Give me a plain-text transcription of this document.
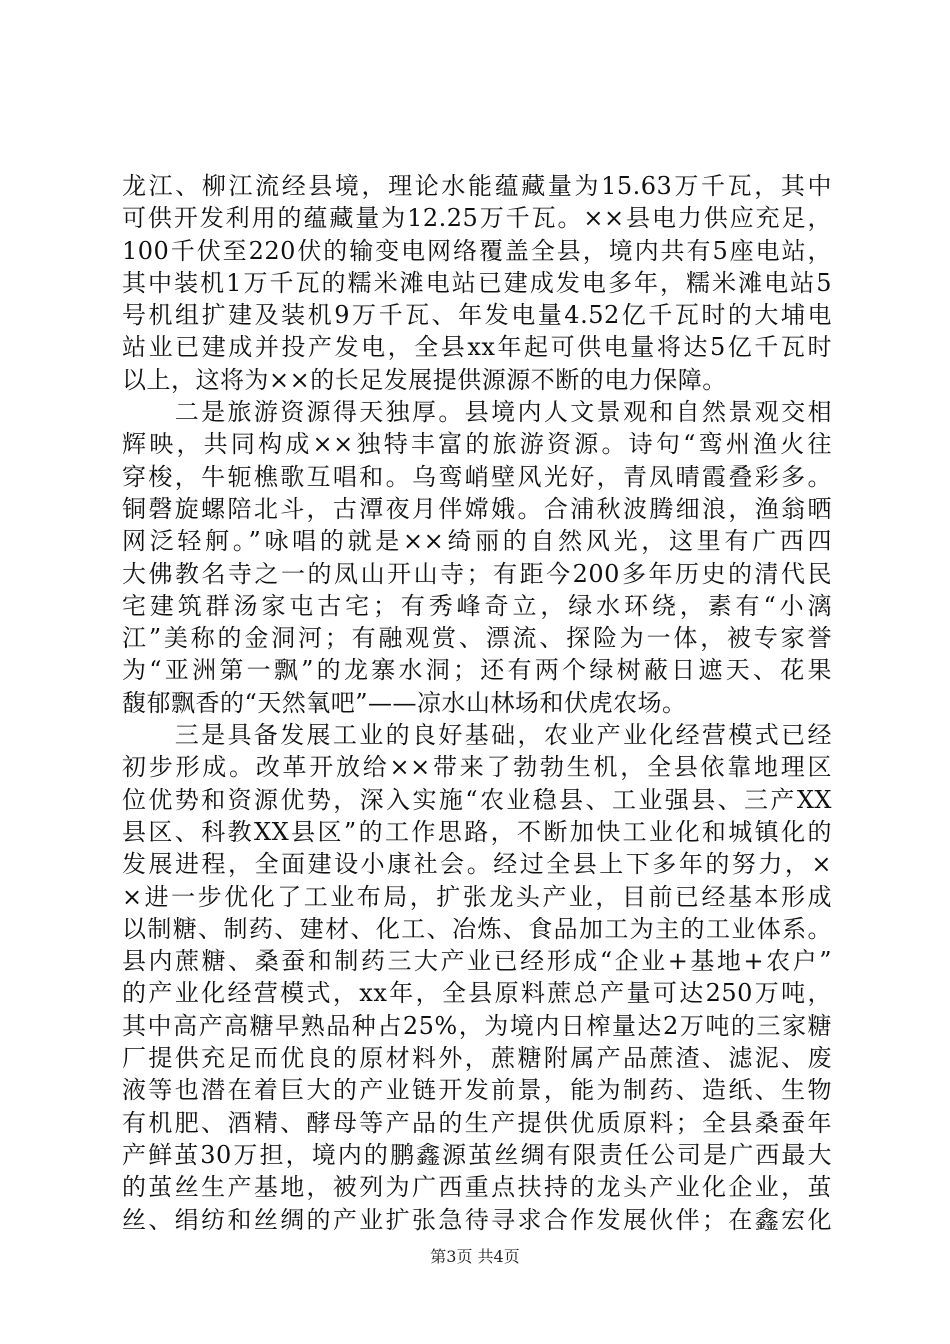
龙江、柳江流经县境，理论水能蕴藏量为15.63万千瓦，其中
可供开发利用的蕴藏量为12.25万千瓦。××县电力供应充足，
100千伏至220伏的输变电网络覆盖全县，境内共有5座电站，
其中装机1万千瓦的糯米滩电站已建成发电多年，糯米滩电站5
号机组扩建及装机9万千瓦、年发电量4.52亿千瓦时的大埔电
站业已建成并投产发电，全县xx年起可供电量将达5亿千瓦时
以上，这将为××的长足发展提供源源不断的电力保障。
　　二是旅游资源得天独厚。县境内人文景观和自然景观交相
辉映，共同构成××独特丰富的旅游资源。诗句“鸾州渔火往
穿梭，牛轭樵歌互唱和。乌鸾峭壁风光好，青凤晴霞叠彩多。
铜磬旋螺陪北斗，古潭夜月伴嫦娥。合浦秋波腾细浪，渔翁晒
网泛轻舸。”咏唱的就是××绮丽的自然风光，这里有广西四
大佛教名寺之一的凤山开山寺；有距今200多年历史的清代民
宅建筑群汤家屯古宅；有秀峰奇立，绿水环绕，素有“小漓
江”美称的金洞河；有融观赏、漂流、探险为一体，被专家誉
为“亚洲第一飘”的龙寨水洞；还有两个绿树蔽日遮天、花果
馥郁飘香的“天然氧吧”——凉水山林场和伏虎农场。
　　三是具备发展工业的良好基础，农业产业化经营模式已经
初步形成。改革开放给××带来了勃勃生机，全县依靠地理区
位优势和资源优势，深入实施“农业稳县、工业强县、三产XX
县区、科教XX县区”的工作思路，不断加快工业化和城镇化的
发展进程，全面建设小康社会。经过全县上下多年的努力，×
×进一步优化了工业布局，扩张龙头产业，目前已经基本形成
以制糖、制药、建材、化工、冶炼、食品加工为主的工业体系。
县内蔗糖、桑蚕和制药三大产业已经形成“企业+基地+农户”
的产业化经营模式，xx年，全县原料蔗总产量可达250万吨，
其中高产高糖早熟品种占25%，为境内日榨量达2万吨的三家糖
厂提供充足而优良的原材料外，蔗糖附属产品蔗渣、滤泥、废
液等也潜在着巨大的产业链开发前景，能为制药、造纸、生物
有机肥、酒精、酵母等产品的生产提供优质原料；全县桑蚕年
产鲜茧30万担，境内的鹏鑫源茧丝绸有限责任公司是广西最大
的茧丝生产基地，被列为广西重点扶持的龙头产业化企业，茧
丝、绢纺和丝绸的产业扩张急待寻求合作发展伙伴；在鑫宏化
第3页 共4页
